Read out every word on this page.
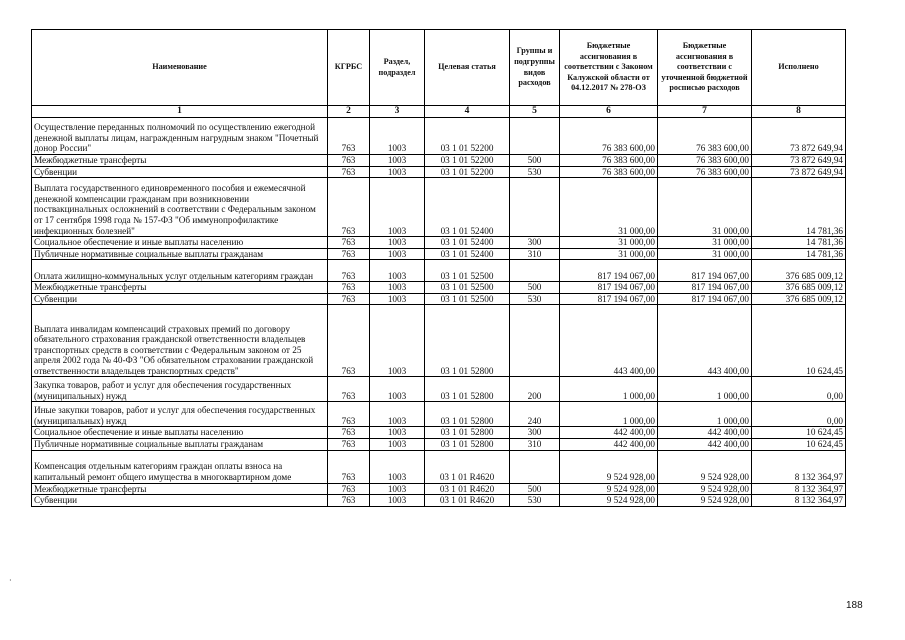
Наименование	КГРБС	Раздел, подраздел	Целевая статья	Группы и подгруппы видов расходов	Бюджетные ассигнования в соответствии с Законом Калужской области от 04.12.2017 № 278-ОЗ	Бюджетные ассигнования в соответствии с уточненной бюджетной росписью расходов	Исполнено
1	2	3	4	5	6	7	8
Осуществление переданных полномочий по осуществлению ежегодной денежной выплаты лицам, награжденным нагрудным знаком "Почетный донор России"	763	1003	03 1 01 52200		76 383 600,00	76 383 600,00	73 872 649,94
Межбюджетные трансферты	763	1003	03 1 01 52200	500	76 383 600,00	76 383 600,00	73 872 649,94
Субвенции	763	1003	03 1 01 52200	530	76 383 600,00	76 383 600,00	73 872 649,94
Выплата государственного единовременного пособия и ежемесячной денежной компенсации гражданам при возникновении поствакцинальных осложнений в соответствии с Федеральным законом от 17 сентября 1998 года № 157-ФЗ "Об иммунопрофилактике инфекционных болезней"	763	1003	03 1 01 52400		31 000,00	31 000,00	14 781,36
Социальное обеспечение и иные выплаты населению	763	1003	03 1 01 52400	300	31 000,00	31 000,00	14 781,36
Публичные нормативные социальные выплаты гражданам	763	1003	03 1 01 52400	310	31 000,00	31 000,00	14 781,36
Оплата жилищно-коммунальных услуг отдельным категориям граждан	763	1003	03 1 01 52500		817 194 067,00	817 194 067,00	376 685 009,12
Межбюджетные трансферты	763	1003	03 1 01 52500	500	817 194 067,00	817 194 067,00	376 685 009,12
Субвенции	763	1003	03 1 01 52500	530	817 194 067,00	817 194 067,00	376 685 009,12
Выплата инвалидам компенсаций страховых премий по договору обязательного страхования гражданской ответственности владельцев транспортных средств в соответствии с Федеральным законом от 25 апреля 2002 года № 40-ФЗ "Об обязательном страховании гражданской ответственности владельцев транспортных средств"	763	1003	03 1 01 52800		443 400,00	443 400,00	10 624,45
Закупка товаров, работ и услуг для обеспечения государственных (муниципальных) нужд	763	1003	03 1 01 52800	200	1 000,00	1 000,00	0,00
Иные закупки товаров, работ и услуг для обеспечения государственных (муниципальных) нужд	763	1003	03 1 01 52800	240	1 000,00	1 000,00	0,00
Социальное обеспечение и иные выплаты населению	763	1003	03 1 01 52800	300	442 400,00	442 400,00	10 624,45
Публичные нормативные социальные выплаты гражданам	763	1003	03 1 01 52800	310	442 400,00	442 400,00	10 624,45
Компенсация отдельным категориям граждан оплаты взноса на капитальный ремонт общего имущества в многоквартирном доме	763	1003	03 1 01 R4620		9 524 928,00	9 524 928,00	8 132 364,97
Межбюджетные трансферты	763	1003	03 1 01 R4620	500	9 524 928,00	9 524 928,00	8 132 364,97
Субвенции	763	1003	03 1 01 R4620	530	9 524 928,00	9 524 928,00	8 132 364,97
·
188
